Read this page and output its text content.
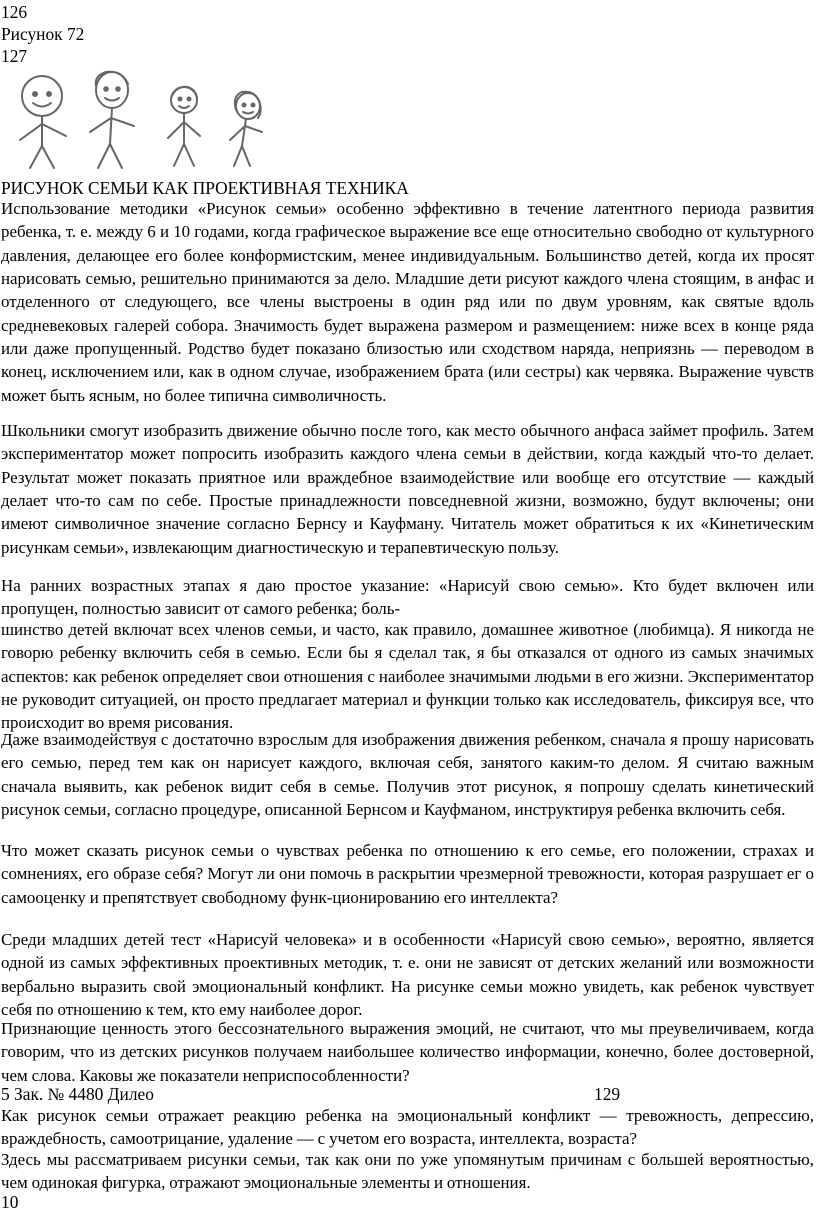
126
Рисунок 72
127
РИСУНОК СЕМЬИ КАК ПРОЕКТИВНАЯ ТЕХНИКА
Использование методики «Рисунок семьи» особенно эффективно в течение латентного периода развития ребенка, т. е. между 6 и 10 годами, когда графическое выражение все еще относительно свободно от культурного давления, делающее его более конформистским, менее индивидуальным. Большинство детей, когда их просят нарисовать семью, решительно принимаются за дело. Младшие дети рисуют каждого члена стоящим, в анфас и отделенного от следующего, все члены выстроены в один ряд или по двум уровням, как святые вдоль средневековых галерей собора. Значимость будет выражена размером и размещением: ниже всех в конце ряда или даже пропущенный. Родство будет показано близостью или сходством наряда, неприязнь — переводом в конец, исключением или, как в одном случае, изображением брата (или сестры) как червяка. Выражение чувств может быть ясным, но более типична символичность.
Школьники смогут изобразить движение обычно после того, как место обычного анфаса займет профиль. Затем экспериментатор может попросить изобразить каждого члена семьи в действии, когда каждый что-то делает. Результат может показать приятное или враждебное взаимодействие или вообще его отсутствие — каждый делает что-то сам по себе. Простые принадлежности повседневной жизни, возможно, будут включены; они имеют символичное значение согласно Бернсу и Кауфману. Читатель может обратиться к их «Кинетическим рисункам семьи», извлекающим диагностическую и терапевтическую пользу.
На ранних возрастных этапах я даю простое указание: «Нарисуй свою семью». Кто будет включен или пропущен, полностью зависит от самого ребенка; боль-
шинство детей включат всех членов семьи, и часто, как правило, домашнее животное (любимца). Я никогда не говорю ребенку включить себя в семью. Если бы я сделал так, я бы отказался от одного из самых значимых аспектов: как ребенок определяет свои отношения с наиболее значимыми людьми в его жизни. Экспериментатор не руководит ситуацией, он просто предлагает материал и функции только как исследователь, фиксируя все, что происходит во время рисования.
Даже взаимодействуя с достаточно взрослым для изображения движения ребенком, сначала я прошу нарисовать его семью, перед тем как он нарисует каждого, включая себя, занятого каким-то делом. Я считаю важным сначала выявить, как ребенок видит себя в семье. Получив этот рисунок, я попрошу сделать кинетический рисунок семьи, согласно процедуре, описанной Бернсом и Кауфманом, инструктируя ребенка включить себя.
Что может сказать рисунок семьи о чувствах ребенка по отношению к его семье, его положении, страхах и сомнениях, его образе себя? Могут ли они помочь в раскрытии чрезмерной тревожности, которая разрушает ег о самооценку и препятствует свободному функ-ционированию его интеллекта?
Среди младших детей тест «Нарисуй человека» и в особенности «Нарисуй свою семью», вероятно, является одной из самых эффективных проективных методик, т. е. они не зависят от детских желаний или возможности вербально выразить свой эмоциональный конфликт. На рисунке семьи можно увидеть, как ребенок чувствует себя по отношению к тем, кто ему наиболее дорог.
Признающие ценность этого бессознательного выражения эмоций, не считают, что мы преувеличиваем, когда говорим, что из детских рисунков получаем наибольшее количество информации, конечно, более достоверной, чем слова. Каковы же показатели неприспособленности?
5 Зак. № 4480 Дилео	129
Как рисунок семьи отражает реакцию ребенка на эмоциональный конфликт — тревожность, депрессию, враждебность, самоотрицание, удаление — с учетом его возраста, интеллекта, возраста?
Здесь мы рассматриваем рисунки семьи, так как они по уже упомянутым причинам с большей вероятностью, чем одинокая фигурка, отражают эмоциональные элементы и отношения.
10
